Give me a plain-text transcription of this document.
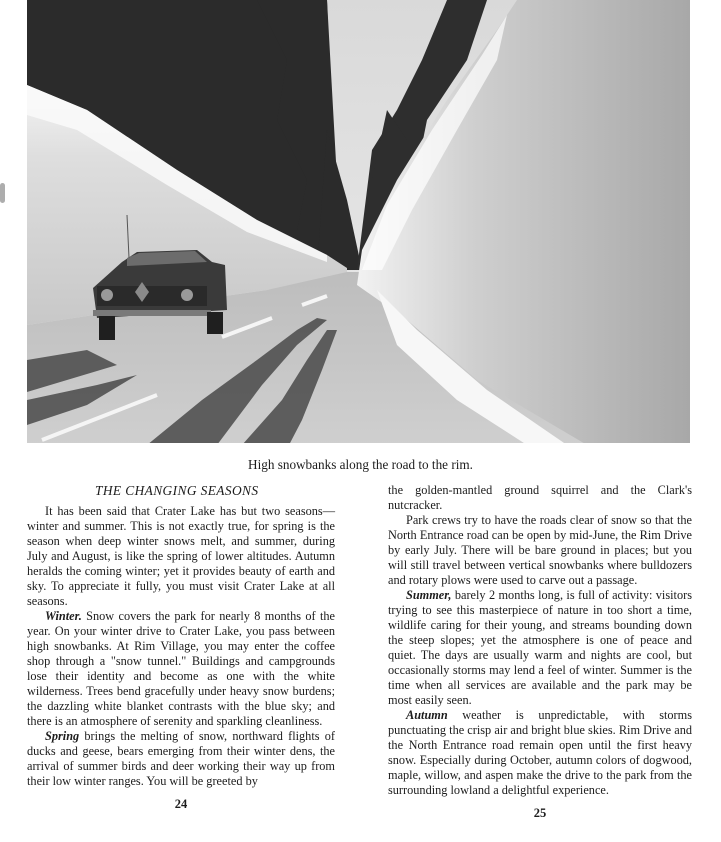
High snowbanks along the road to the rim.
THE CHANGING SEASONS

It has been said that Crater Lake has but two seasons—winter and summer. This is not exactly true, for spring is the season when deep winter snows melt, and summer, during July and August, is like the spring of lower altitudes. Autumn heralds the coming winter; yet it provides beauty of earth and sky. To appreciate it fully, you must visit Crater Lake at all seasons.

Winter. Snow covers the park for nearly 8 months of the year. On your winter drive to Crater Lake, you pass between high snowbanks. At Rim Village, you may enter the coffee shop through a "snow tunnel." Buildings and campgrounds lose their identity and become as one with the white wilderness. Trees bend gracefully under heavy snow burdens; the dazzling white blanket contrasts with the blue sky; and there is an atmosphere of serenity and sparkling cleanliness.

Spring brings the melting of snow, northward flights of ducks and geese, bears emerging from their winter dens, the arrival of summer birds and deer working their way up from their low winter ranges. You will be greeted by

24

the golden-mantled ground squirrel and the Clark's nutcracker.

Park crews try to have the roads clear of snow so that the North Entrance road can be open by mid-June, the Rim Drive by early July. There will be bare ground in places; but you will still travel between vertical snowbanks where bulldozers and rotary plows were used to carve out a passage.

Summer, barely 2 months long, is full of activity: visitors trying to see this masterpiece of nature in too short a time, wildlife caring for their young, and streams bounding down the steep slopes; yet the atmosphere is one of peace and quiet. The days are usually warm and nights are cool, but occasionally storms may lend a feel of winter. Summer is the time when all services are available and the park may be most easily seen.

Autumn weather is unpredictable, with storms punctuating the crisp air and bright blue skies. Rim Drive and the North Entrance road remain open until the first heavy snow. Especially during October, autumn colors of dogwood, maple, willow, and aspen make the drive to the park from the surrounding lowland a delightful experience.

25
